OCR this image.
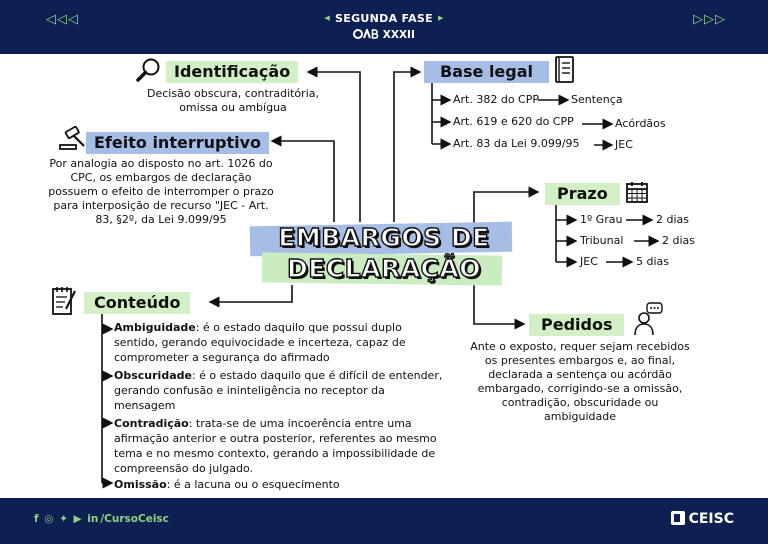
◁◁◁	◀ SEGUNDA FASE ▶
XXXII
▷▷▷
EMBARGOS DE
DECLARAÇÃO
Identificação
Decisão obscura, contraditória, omissa ou ambígua
Efeito interruptivo
Por analogia ao disposto no art. 1026 do CPC, os embargos de declaração possuem o efeito de interromper o prazo para interposição de recurso "JEC - Art. 83, §2º, da Lei 9.099/95
Base legal
Art. 382 do CPP	Sentença
Art. 619 e 620 do CPP	Acórdãos
Art. 83 da Lei 9.099/95	JEC
Prazo
1º Grau	2 dias
Tribunal	2 dias
JEC	5 dias
Pedidos
Ante o exposto, requer sejam recebidos os presentes embargos e, ao final, declarada a sentença ou acórdão embargado, corrigindo-se a omissão, contradição, obscuridade ou ambiguidade
Conteúdo
Ambiguidade: é o estado daquilo que possui duplo sentido, gerando equivocidade e incerteza, capaz de comprometer a segurança do afirmado
Obscuridade: é o estado daquilo que é difícil de entender, gerando confusão e ininteligência no receptor da mensagem
Contradição: trata-se de uma incoerência entre uma afirmação anterior e outra posterior, referentes ao mesmo tema e no mesmo contexto, gerando a impossibilidade de compreensão do julgado.
Omissão: é a lacuna ou o esquecimento
f ◎ ✦ ▶ in /CursoCeisc	CEISC
